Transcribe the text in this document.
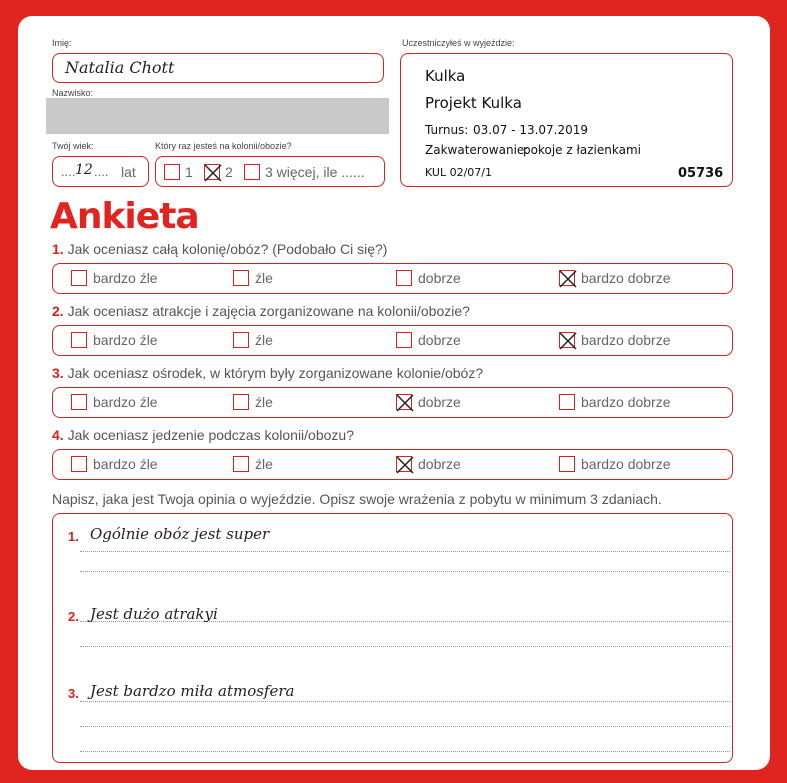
Imię:
Natalia Chott
Nazwisko:
Twój wiek:
.... 12 .... lat
Który raz jesteś na kolonii/obozie?
1 2 3 więcej, ile ......
Uczestniczyłeś w wyjeździe:
Kulka
Projekt Kulka
Turnus: 03.07 - 13.07.2019
Zakwaterowanie:
pokoje z łazienkami
KUL 02/07/1	05736
Ankieta
1. Jak oceniasz całą kolonię/obóz? (Podobało Ci się?)
bardzo źle	źle	dobrze	bardzo dobrze
2. Jak oceniasz atrakcje i zajęcia zorganizowane na kolonii/obozie?
bardzo źle	źle	dobrze	bardzo dobrze
3. Jak oceniasz ośrodek, w którym były zorganizowane kolonie/obóz?
bardzo źle	źle	dobrze	bardzo dobrze
4. Jak oceniasz jedzenie podczas kolonii/obozu?
bardzo źle	źle	dobrze	bardzo dobrze
Napisz, jaka jest Twoja opinia o wyjeździe. Opisz swoje wrażenia z pobytu w minimum 3 zdaniach.
1. Ogólnie obóz jest super
2. Jest dużo atrakyi
3. Jest bardzo miła atmosfera
